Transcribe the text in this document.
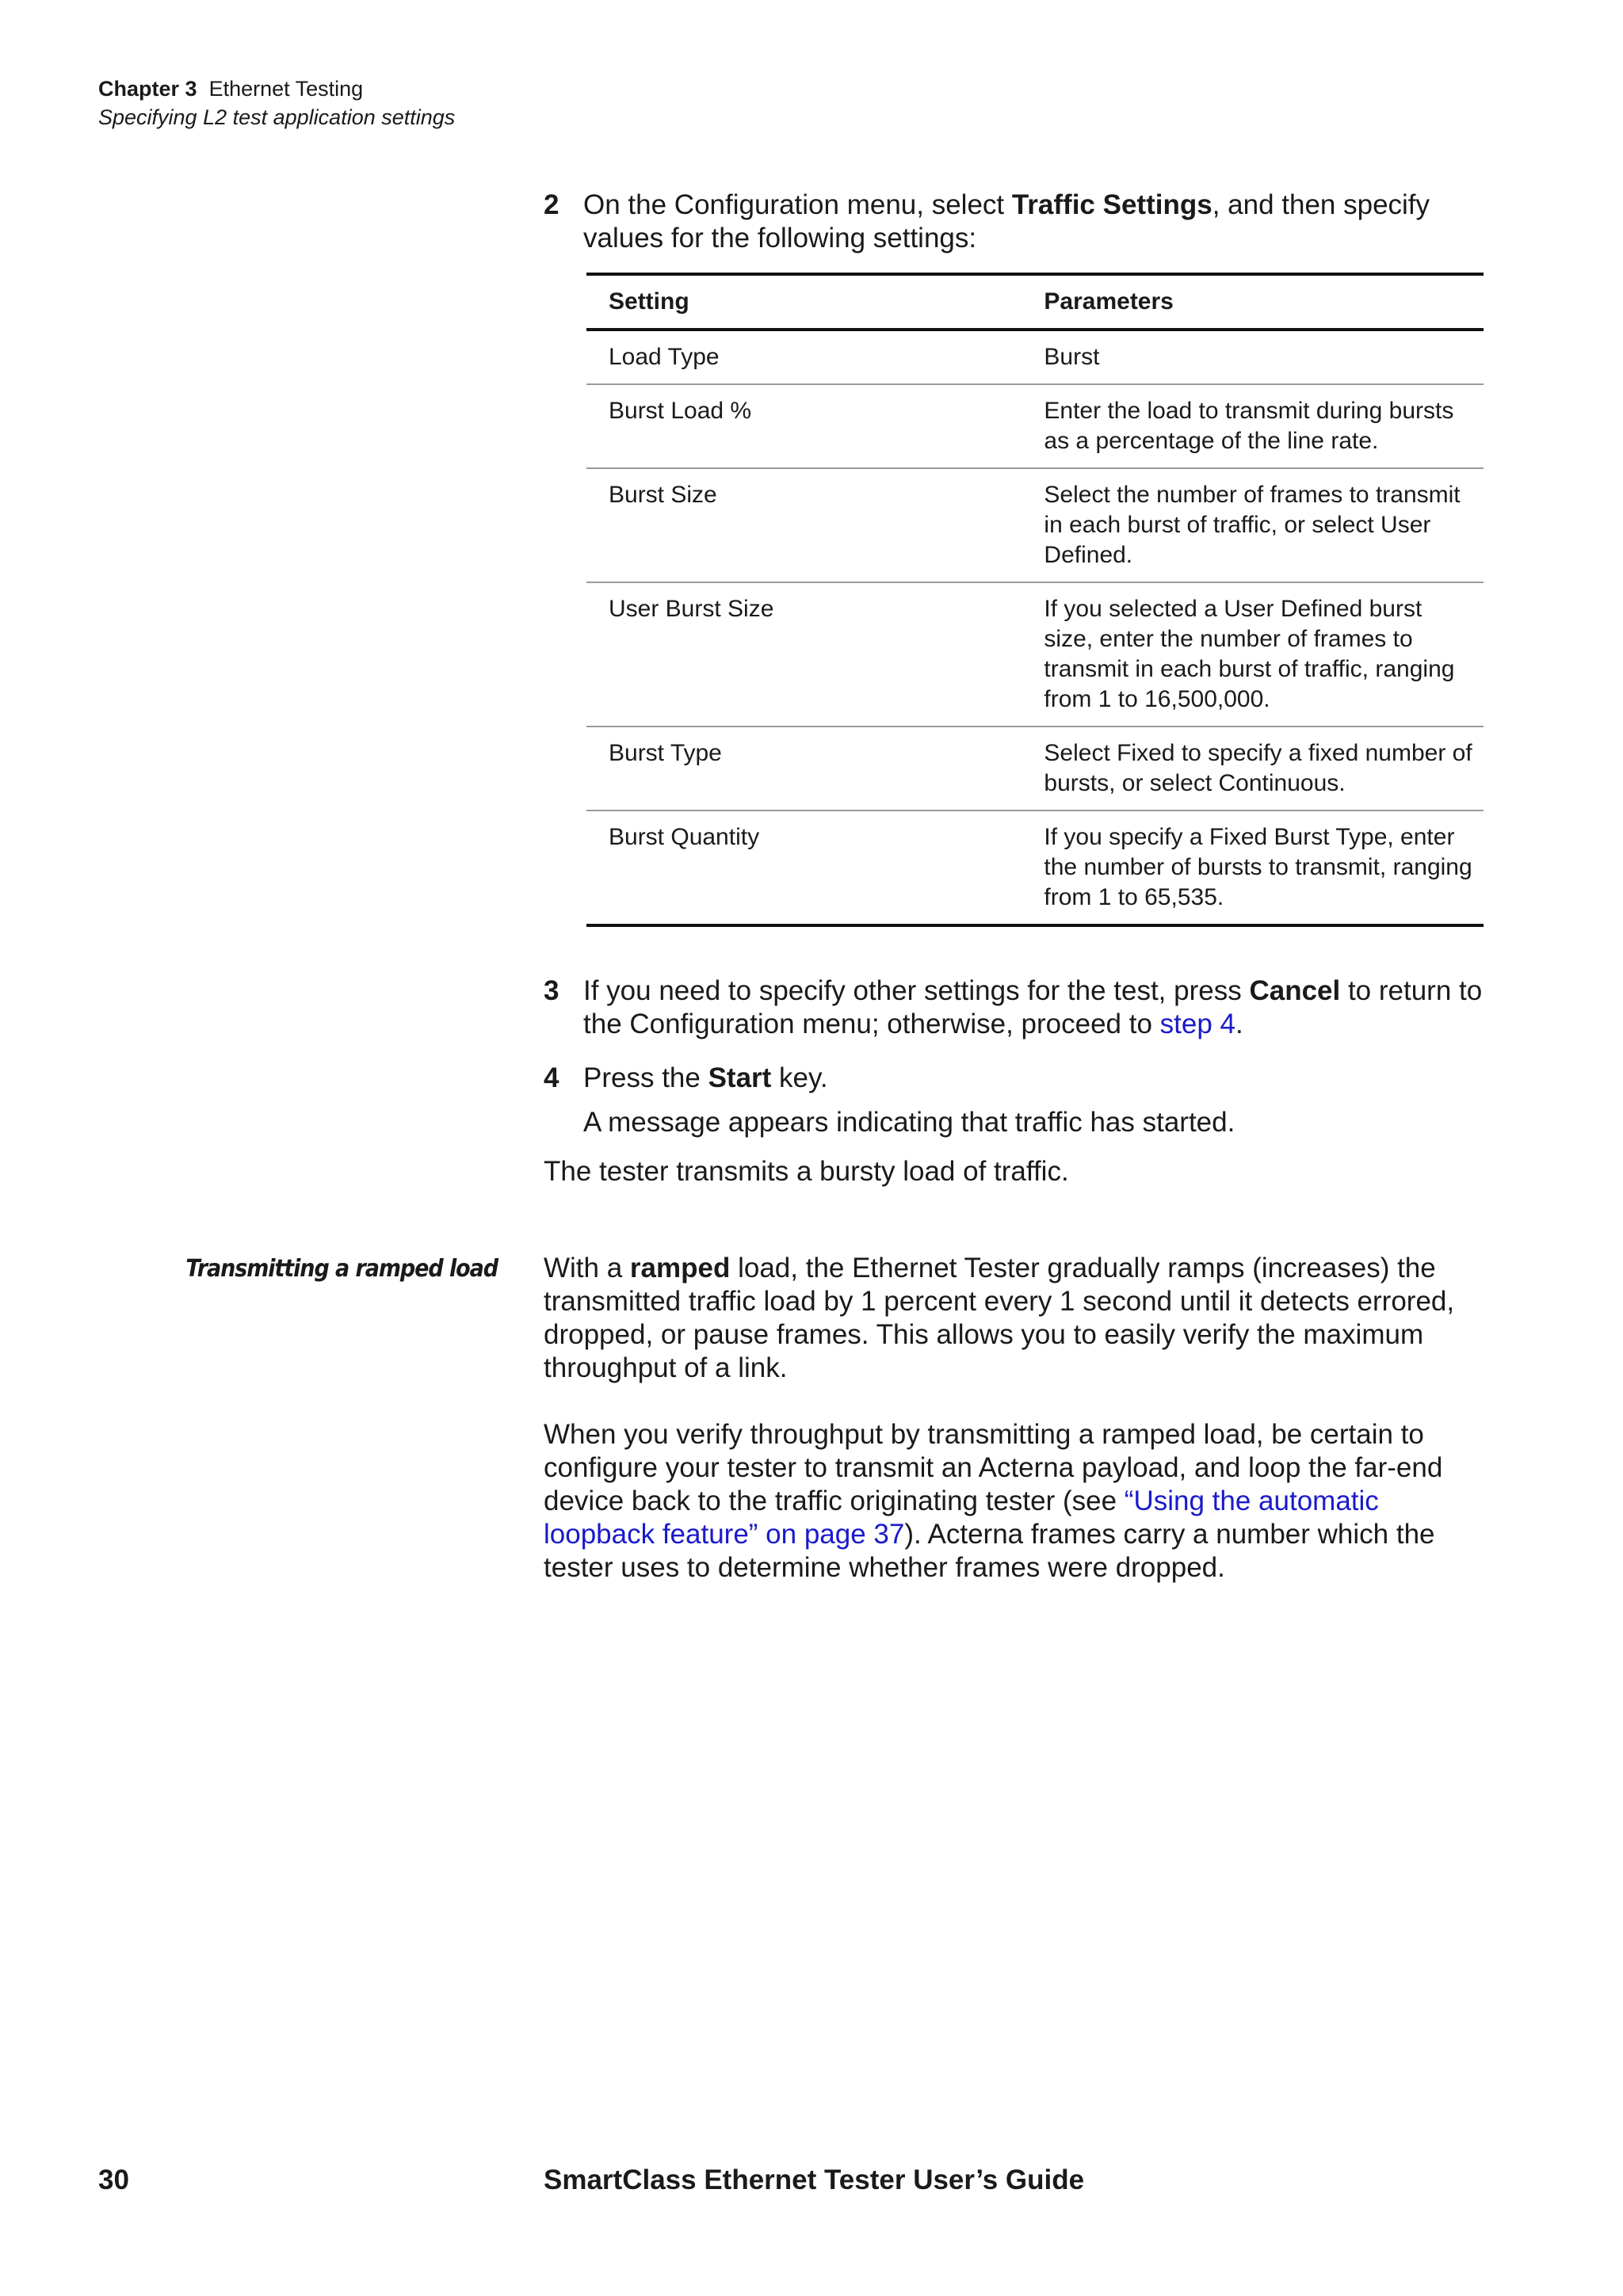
Chapter 3 Ethernet Testing
Specifying L2 test application settings
2 On the Configuration menu, select Traffic Settings, and then specify values for the following settings:
Setting	Parameters
Load Type	Burst
Burst Load %	Enter the load to transmit during bursts as a percentage of the line rate.
Burst Size	Select the number of frames to transmit in each burst of traffic, or select User Defined.
User Burst Size	If you selected a User Defined burst size, enter the number of frames to transmit in each burst of traffic, ranging from 1 to 16,500,000.
Burst Type	Select Fixed to specify a fixed number of bursts, or select Continuous.
Burst Quantity	If you specify a Fixed Burst Type, enter the number of bursts to transmit, ranging from 1 to 65,535.
3 If you need to specify other settings for the test, press Cancel to return to the Configuration menu; otherwise, proceed to step 4.
4 Press the Start key.
A message appears indicating that traffic has started.
The tester transmits a bursty load of traffic.
Transmitting a ramped load With a ramped load, the Ethernet Tester gradually ramps (increases) the transmitted traffic load by 1 percent every 1 second until it detects errored, dropped, or pause frames. This allows you to easily verify the maximum throughput of a link.
When you verify throughput by transmitting a ramped load, be certain to configure your tester to transmit an Acterna payload, and loop the far-end device back to the traffic originating tester (see “Using the automatic loopback feature” on page 37). Acterna frames carry a number which the tester uses to determine whether frames were dropped.
30	SmartClass Ethernet Tester User’s Guide
